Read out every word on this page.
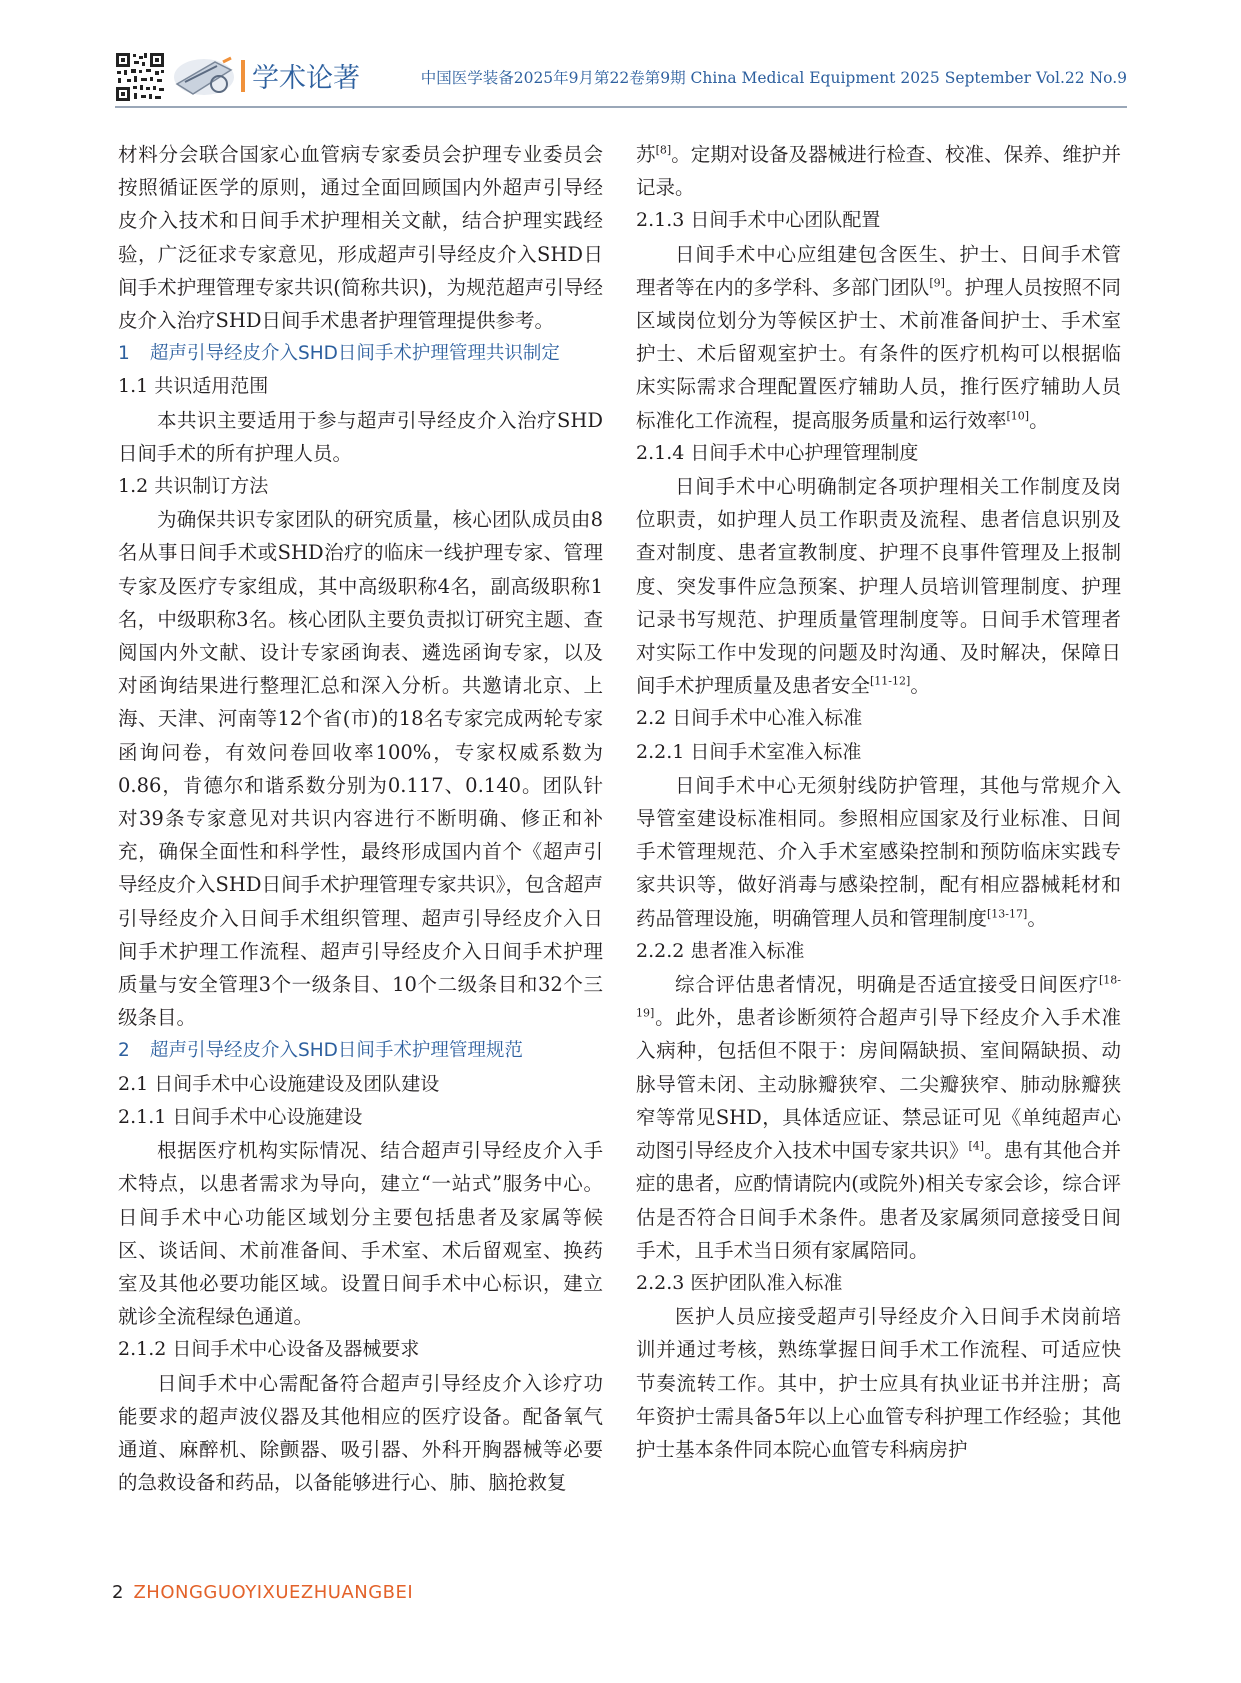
学术论著	中国医学装备2025年9月第22卷第9期 China Medical Equipment 2025 September Vol.22 No.9

材料分会联合国家心血管病专家委员会护理专业委员会按照循证医学的原则，通过全面回顾国内外超声引导经皮介入技术和日间手术护理相关文献，结合护理实践经验，广泛征求专家意见，形成超声引导经皮介入SHD日间手术护理管理专家共识(简称共识)，为规范超声引导经皮介入治疗SHD日间手术患者护理管理提供参考。

1 超声引导经皮介入SHD日间手术护理管理共识制定

1.1 共识适用范围

本共识主要适用于参与超声引导经皮介入治疗SHD日间手术的所有护理人员。

1.2 共识制订方法

为确保共识专家团队的研究质量，核心团队成员由8名从事日间手术或SHD治疗的临床一线护理专家、管理专家及医疗专家组成，其中高级职称4名，副高级职称1名，中级职称3名。核心团队主要负责拟订研究主题、查阅国内外文献、设计专家函询表、遴选函询专家，以及对函询结果进行整理汇总和深入分析。共邀请北京、上海、天津、河南等12个省(市)的18名专家完成两轮专家函询问卷，有效问卷回收率100%，专家权威系数为0.86，肯德尔和谐系数分别为0.117、0.140。团队针对39条专家意见对共识内容进行不断明确、修正和补充，确保全面性和科学性，最终形成国内首个《超声引导经皮介入SHD日间手术护理管理专家共识》，包含超声引导经皮介入日间手术组织管理、超声引导经皮介入日间手术护理工作流程、超声引导经皮介入日间手术护理质量与安全管理3个一级条目、10个二级条目和32个三级条目。

2 超声引导经皮介入SHD日间手术护理管理规范

2.1 日间手术中心设施建设及团队建设

2.1.1 日间手术中心设施建设

根据医疗机构实际情况、结合超声引导经皮介入手术特点，以患者需求为导向，建立“一站式”服务中心。日间手术中心功能区域划分主要包括患者及家属等候区、谈话间、术前准备间、手术室、术后留观室、换药室及其他必要功能区域。设置日间手术中心标识，建立就诊全流程绿色通道。

2.1.2 日间手术中心设备及器械要求

日间手术中心需配备符合超声引导经皮介入诊疗功能要求的超声波仪器及其他相应的医疗设备。配备氧气通道、麻醉机、除颤器、吸引器、外科开胸器械等必要的急救设备和药品，以备能够进行心、肺、脑抢救复

苏[8]。定期对设备及器械进行检查、校准、保养、维护并记录。

2.1.3 日间手术中心团队配置

日间手术中心应组建包含医生、护士、日间手术管理者等在内的多学科、多部门团队[9]。护理人员按照不同区域岗位划分为等候区护士、术前准备间护士、手术室护士、术后留观室护士。有条件的医疗机构可以根据临床实际需求合理配置医疗辅助人员，推行医疗辅助人员标准化工作流程，提高服务质量和运行效率[10]。

2.1.4 日间手术中心护理管理制度

日间手术中心明确制定各项护理相关工作制度及岗位职责，如护理人员工作职责及流程、患者信息识别及查对制度、患者宣教制度、护理不良事件管理及上报制度、突发事件应急预案、护理人员培训管理制度、护理记录书写规范、护理质量管理制度等。日间手术管理者对实际工作中发现的问题及时沟通、及时解决，保障日间手术护理质量及患者安全[11-12]。

2.2 日间手术中心准入标准

2.2.1 日间手术室准入标准

日间手术中心无须射线防护管理，其他与常规介入导管室建设标准相同。参照相应国家及行业标准、日间手术管理规范、介入手术室感染控制和预防临床实践专家共识等，做好消毒与感染控制，配有相应器械耗材和药品管理设施，明确管理人员和管理制度[13-17]。

2.2.2 患者准入标准

综合评估患者情况，明确是否适宜接受日间医疗[18-19]。此外，患者诊断须符合超声引导下经皮介入手术准入病种，包括但不限于：房间隔缺损、室间隔缺损、动脉导管未闭、主动脉瓣狭窄、二尖瓣狭窄、肺动脉瓣狭窄等常见SHD，具体适应证、禁忌证可见《单纯超声心动图引导经皮介入技术中国专家共识》[4]。患有其他合并症的患者，应酌情请院内(或院外)相关专家会诊，综合评估是否符合日间手术条件。患者及家属须同意接受日间手术，且手术当日须有家属陪同。

2.2.3 医护团队准入标准

医护人员应接受超声引导经皮介入日间手术岗前培训并通过考核，熟练掌握日间手术工作流程、可适应快节奏流转工作。其中，护士应具有执业证书并注册；高年资护士需具备5年以上心血管专科护理工作经验；其他护士基本条件同本院心血管专科病房护

2 ZHONGGUOYIXUEZHUANGBEI
